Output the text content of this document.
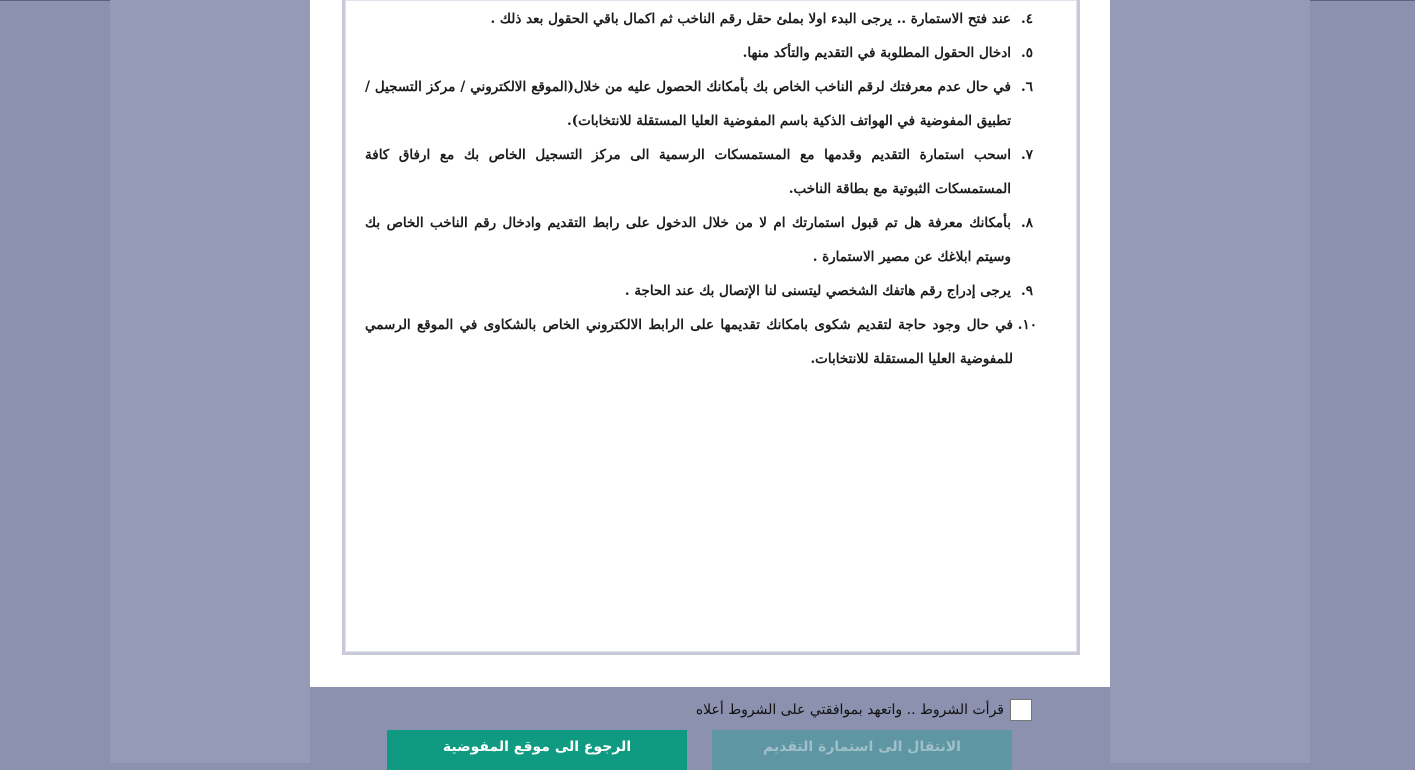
٤.
عند فتح الاستمارة .. يرجى البدء اولا بملئ حقل رقم الناخب ثم اكمال باقي الحقول بعد ذلك .
٥.
ادخال الحقول المطلوبة في التقديم والتأكد منها.
٦.
في حال عدم معرفتك لرقم الناخب الخاص بك بأمكانك الحصول عليه من خلال(الموقع الالكتروني / مركز التسجيل / تطبيق المفوضية في الهواتف الذكية باسم المفوضية العليا المستقلة للانتخابات).
٧.
اسحب استمارة التقديم وقدمها مع المستمسكات الرسمية الى مركز التسجيل الخاص بك مع ارفاق كافة المستمسكات الثبوتية مع بطاقة الناخب.
٨.
بأمكانك معرفة هل تم قبول استمارتك ام لا من خلال الدخول على رابط التقديم وادخال رقم الناخب الخاص بك وسيتم ابلاغك عن مصير الاستمارة .
٩.
يرجى إدراج رقم هاتفك الشخصي ليتسنى لنا الإتصال بك عند الحاجة .
١٠.
في حال وجود حاجة لتقديم شكوى بامكانك تقديمها على الرابط الالكتروني الخاص بالشكاوى في الموقع الرسمي للمفوضية العليا المستقلة للانتخابات.
قرأت الشروط .. واتعهد بموافقتي على الشروط أعلاه
الرجوع الى موقع المفوضية	الانتقال الى استمارة التقديم
